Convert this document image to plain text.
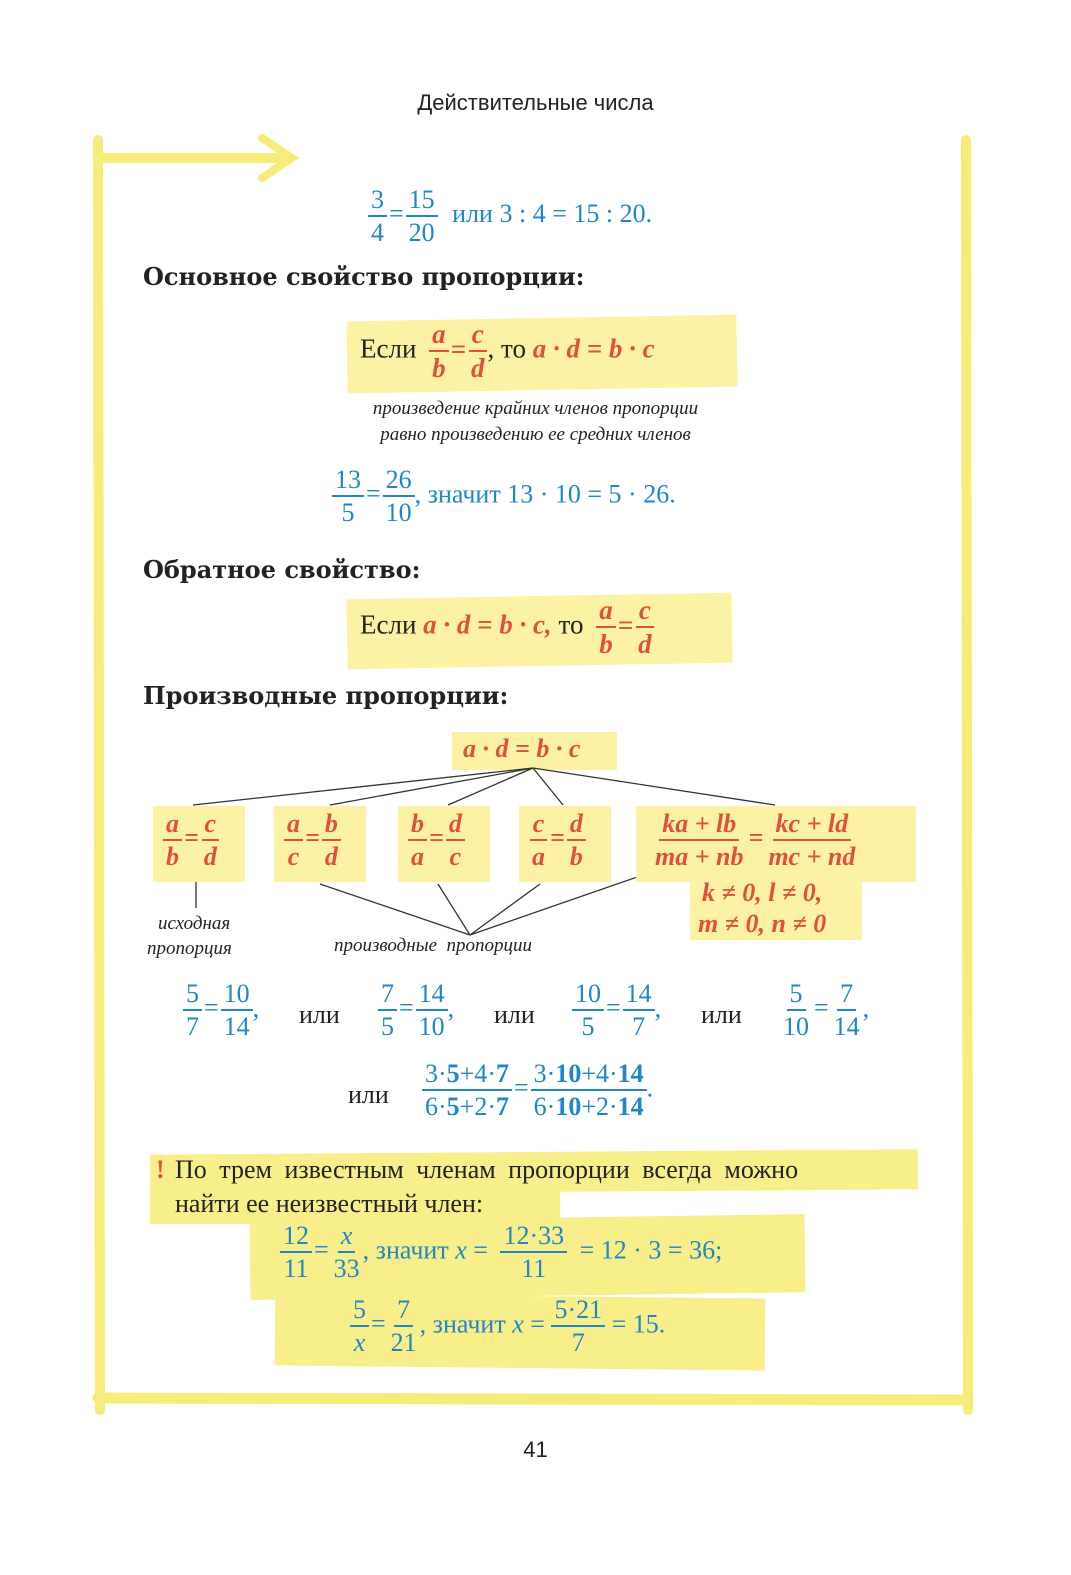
Действительные числа
$\frac{3}{4} = \frac{15}{20}$ или 3 : 4 = 15 : 20.
Основное свойство пропорции:
Если $\frac{a}{b} = \frac{c}{d}$ , то a · d = b · c
произведение крайних членов пропорции
равно произведению ее средних членов
$\frac{13}{5} = \frac{26}{10}$ , значит 13 · 10 = 5 · 26.
Обратное свойство:
Если a · d = b · c, то $\frac{a}{b} = \frac{c}{d}$
Производные пропорции:
a · d = b · c
$\frac{a}{b} = \frac{c}{d} \frac{a}{c} = \frac{b}{d}$	$\frac{b}{a} = \frac{d}{c} \frac{c}{a} = \frac{d}{b}$	$\frac{ka + lb}{ma + nb} = \frac{kc + ld}{mc + nd}$
k ≠ 0, l ≠ 0,
m ≠ 0, n ≠ 0
исходная
пропорция	производные  пропорции
$\frac{5}{7} = \frac{10}{14}$ , или $\frac{7}{5} = \frac{14}{10}$ , или $\frac{10}{5} = \frac{14}{7}$ , или $\frac{5}{10} = \frac{7}{14}$ ,
или $\frac{3\cdot 5+4\cdot 7}{6\cdot 5+2\cdot 7} = \frac{3\cdot 10+4\cdot 14}{6\cdot 10+2\cdot 14}$ .
! По трем известным членам пропорции всегда можно
найти ее неизвестный член:
$\frac{12}{11} = \frac{x}{33}$ , значит $x = \frac{12\cdot 33}{11} = 12 \cdot 3 = 36$;
$\frac{5}{x} = \frac{7}{21}$ , значит $x = \frac{5\cdot 21}{7} = 15$.
41
